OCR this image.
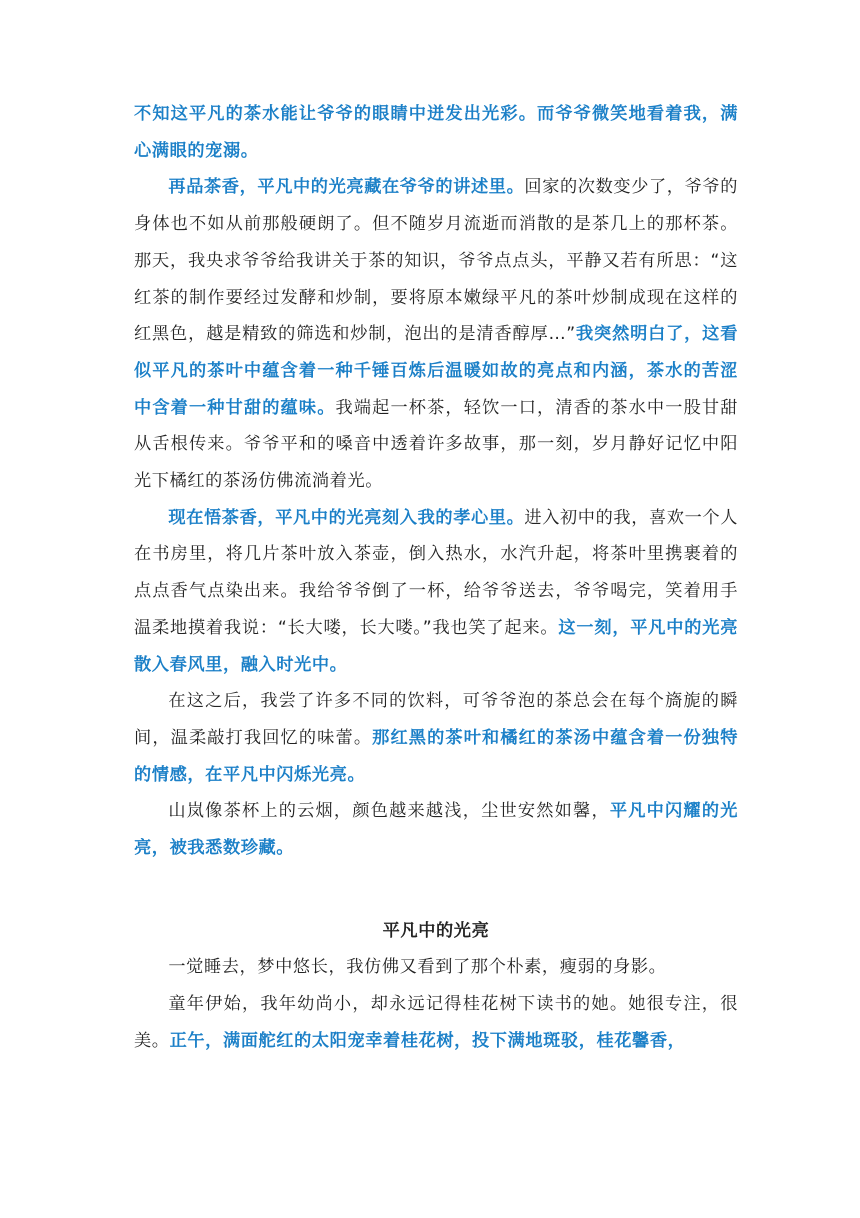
不知这平凡的茶水能让爷爷的眼睛中迸发出光彩。而爷爷微笑地看着我，满心满眼的宠溺。

再品茶香，平凡中的光亮藏在爷爷的讲述里。回家的次数变少了，爷爷的身体也不如从前那般硬朗了。但不随岁月流逝而消散的是茶几上的那杯茶。那天，我央求爷爷给我讲关于茶的知识，爷爷点点头，平静又若有所思：“这红茶的制作要经过发酵和炒制，要将原本嫩绿平凡的茶叶炒制成现在这样的红黑色，越是精致的筛选和炒制，泡出的是清香醇厚…”我突然明白了，这看似平凡的茶叶中蕴含着一种千锤百炼后温暖如故的亮点和内涵，茶水的苦涩中含着一种甘甜的蕴味。我端起一杯茶，轻饮一口，清香的茶水中一股甘甜从舌根传来。爷爷平和的嗓音中透着许多故事，那一刻，岁月静好记忆中阳光下橘红的茶汤仿佛流淌着光。

现在悟茶香，平凡中的光亮刻入我的孝心里。进入初中的我，喜欢一个人在书房里，将几片茶叶放入茶壶，倒入热水，水汽升起，将茶叶里携裹着的点点香气点染出来。我给爷爷倒了一杯，给爷爷送去，爷爷喝完，笑着用手温柔地摸着我说：“长大喽，长大喽。”我也笑了起来。这一刻，平凡中的光亮散入春风里，融入时光中。

在这之后，我尝了许多不同的饮料，可爷爷泡的茶总会在每个旖旎的瞬间，温柔敲打我回忆的味蕾。那红黑的茶叶和橘红的茶汤中蕴含着一份独特的情感，在平凡中闪烁光亮。

山岚像茶杯上的云烟，颜色越来越浅，尘世安然如馨，平凡中闪耀的光亮，被我悉数珍藏。

平凡中的光亮

一觉睡去，梦中悠长，我仿佛又看到了那个朴素，瘦弱的身影。

童年伊始，我年幼尚小，却永远记得桂花树下读书的她。她很专注，很美。正午，满面舵红的太阳宠幸着桂花树，投下满地斑驳，桂花馨香，
